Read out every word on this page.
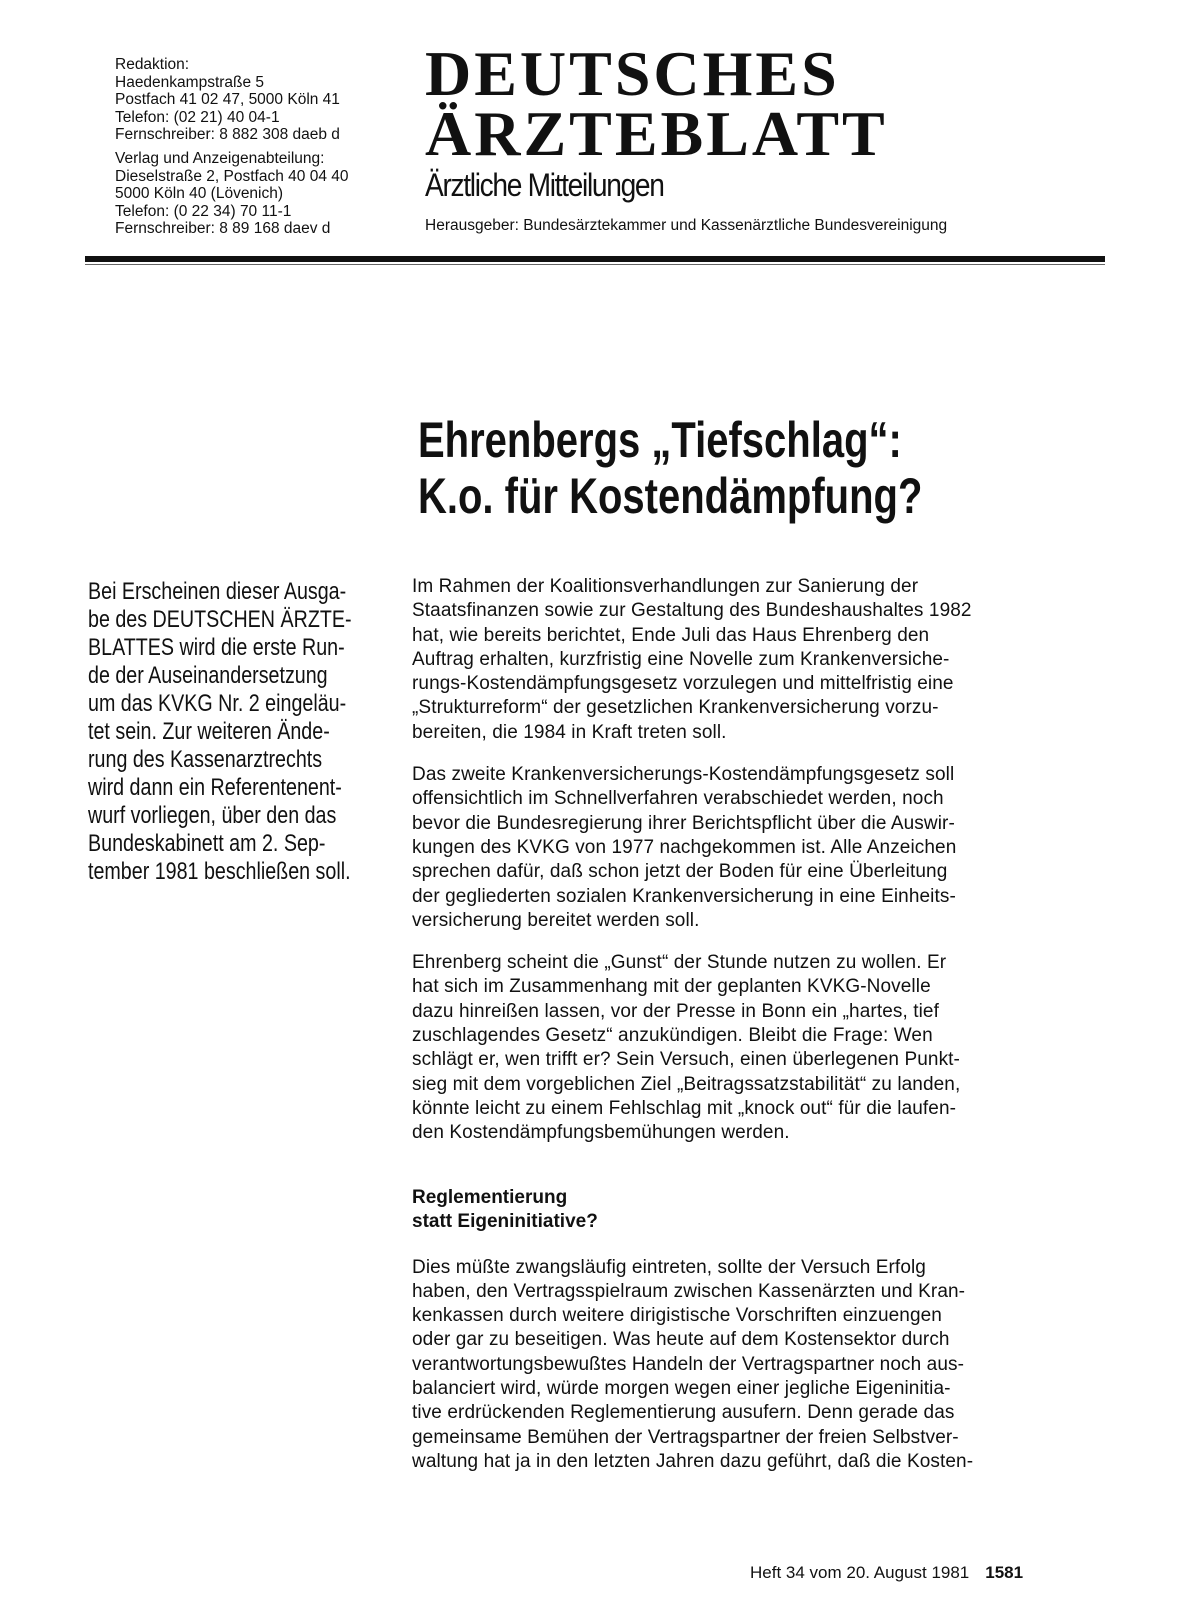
Redaktion:
Haedenkampstraße 5
Postfach 41 02 47, 5000 Köln 41
Telefon: (02 21) 40 04-1
Fernschreiber: 8 882 308 daeb d
Verlag und Anzeigenabteilung:
Dieselstraße 2, Postfach 40 04 40
5000 Köln 40 (Lövenich)
Telefon: (0 22 34) 70 11-1
Fernschreiber: 8 89 168 daev d
DEUTSCHES
ÄRZTEBLATT
Ärztliche Mitteilungen
Herausgeber: Bundesärztekammer und Kassenärztliche Bundesvereinigung
Ehrenbergs „Tiefschlag“:
K.o. für Kostendämpfung?
Bei Erscheinen dieser Ausga-
be des DEUTSCHEN ÄRZTE-
BLATTES wird die erste Run-
de der Auseinandersetzung
um das KVKG Nr. 2 eingeläu-
tet sein. Zur weiteren Ände-
rung des Kassenarztrechts
wird dann ein Referentenent-
wurf vorliegen, über den das
Bundeskabinett am 2. Sep-
tember 1981 beschließen soll.
Im Rahmen der Koalitionsverhandlungen zur Sanierung der
Staatsfinanzen sowie zur Gestaltung des Bundeshaushaltes 1982
hat, wie bereits berichtet, Ende Juli das Haus Ehrenberg den
Auftrag erhalten, kurzfristig eine Novelle zum Krankenversiche-
rungs-Kostendämpfungsgesetz vorzulegen und mittelfristig eine
„Strukturreform“ der gesetzlichen Krankenversicherung vorzu-
bereiten, die 1984 in Kraft treten soll.
Das zweite Krankenversicherungs-Kostendämpfungsgesetz soll
offensichtlich im Schnellverfahren verabschiedet werden, noch
bevor die Bundesregierung ihrer Berichtspflicht über die Auswir-
kungen des KVKG von 1977 nachgekommen ist. Alle Anzeichen
sprechen dafür, daß schon jetzt der Boden für eine Überleitung
der gegliederten sozialen Krankenversicherung in eine Einheits-
versicherung bereitet werden soll.
Ehrenberg scheint die „Gunst“ der Stunde nutzen zu wollen. Er
hat sich im Zusammenhang mit der geplanten KVKG-Novelle
dazu hinreißen lassen, vor der Presse in Bonn ein „hartes, tief
zuschlagendes Gesetz“ anzukündigen. Bleibt die Frage: Wen
schlägt er, wen trifft er? Sein Versuch, einen überlegenen Punkt-
sieg mit dem vorgeblichen Ziel „Beitragssatzstabilität“ zu landen,
könnte leicht zu einem Fehlschlag mit „knock out“ für die laufen-
den Kostendämpfungsbemühungen werden.
Reglementierung
statt Eigeninitiative?
Dies müßte zwangsläufig eintreten, sollte der Versuch Erfolg
haben, den Vertragsspielraum zwischen Kassenärzten und Kran-
kenkassen durch weitere dirigistische Vorschriften einzuengen
oder gar zu beseitigen. Was heute auf dem Kostensektor durch
verantwortungsbewußtes Handeln der Vertragspartner noch aus-
balanciert wird, würde morgen wegen einer jegliche Eigeninitia-
tive erdrückenden Reglementierung ausufern. Denn gerade das
gemeinsame Bemühen der Vertragspartner der freien Selbstver-
waltung hat ja in den letzten Jahren dazu geführt, daß die Kosten-
Heft 34 vom 20. August 1981 1581
